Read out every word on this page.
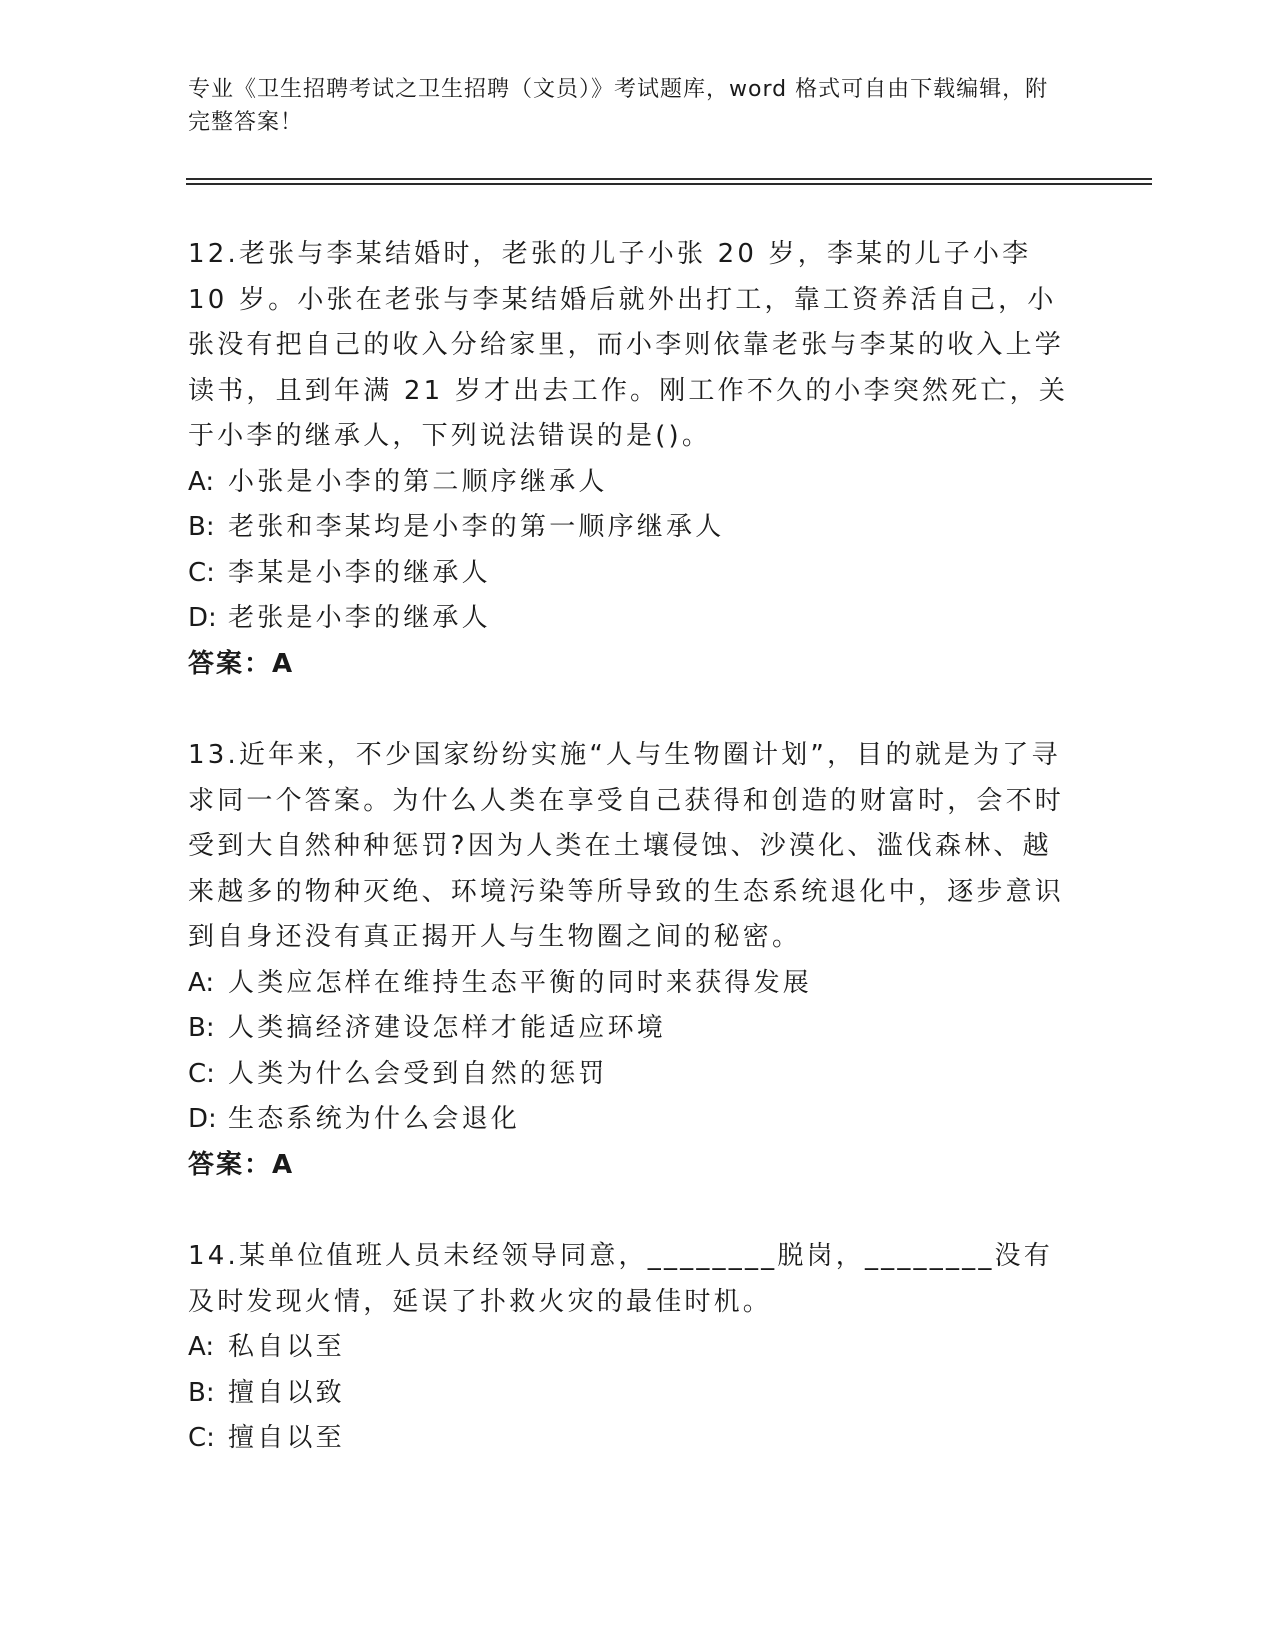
专业《卫生招聘考试之卫生招聘（文员）》考试题库，word 格式可自由下载编辑，附完整答案！

12.老张与李某结婚时，老张的儿子小张 20 岁，李某的儿子小李 10 岁。小张在老张与李某结婚后就外出打工，靠工资养活自己，小张没有把自己的收入分给家里，而小李则依靠老张与李某的收入上学读书，且到年满 21 岁才出去工作。刚工作不久的小李突然死亡，关于小李的继承人，下列说法错误的是()。

A: 小张是小李的第二顺序继承人

B: 老张和李某均是小李的第一顺序继承人

C: 李某是小李的继承人

D: 老张是小李的继承人

答案：A

13.近年来，不少国家纷纷实施“人与生物圈计划”，目的就是为了寻求同一个答案。为什么人类在享受自己获得和创造的财富时，会不时受到大自然种种惩罚?因为人类在土壤侵蚀、沙漠化、滥伐森林、越来越多的物种灭绝、环境污染等所导致的生态系统退化中，逐步意识到自身还没有真正揭开人与生物圈之间的秘密。

A: 人类应怎样在维持生态平衡的同时来获得发展

B: 人类搞经济建设怎样才能适应环境

C: 人类为什么会受到自然的惩罚

D: 生态系统为什么会退化

答案：A

14.某单位值班人员未经领导同意，________脱岗，________没有及时发现火情，延误了扑救火灾的最佳时机。

A: 私自以至

B: 擅自以致

C: 擅自以至
